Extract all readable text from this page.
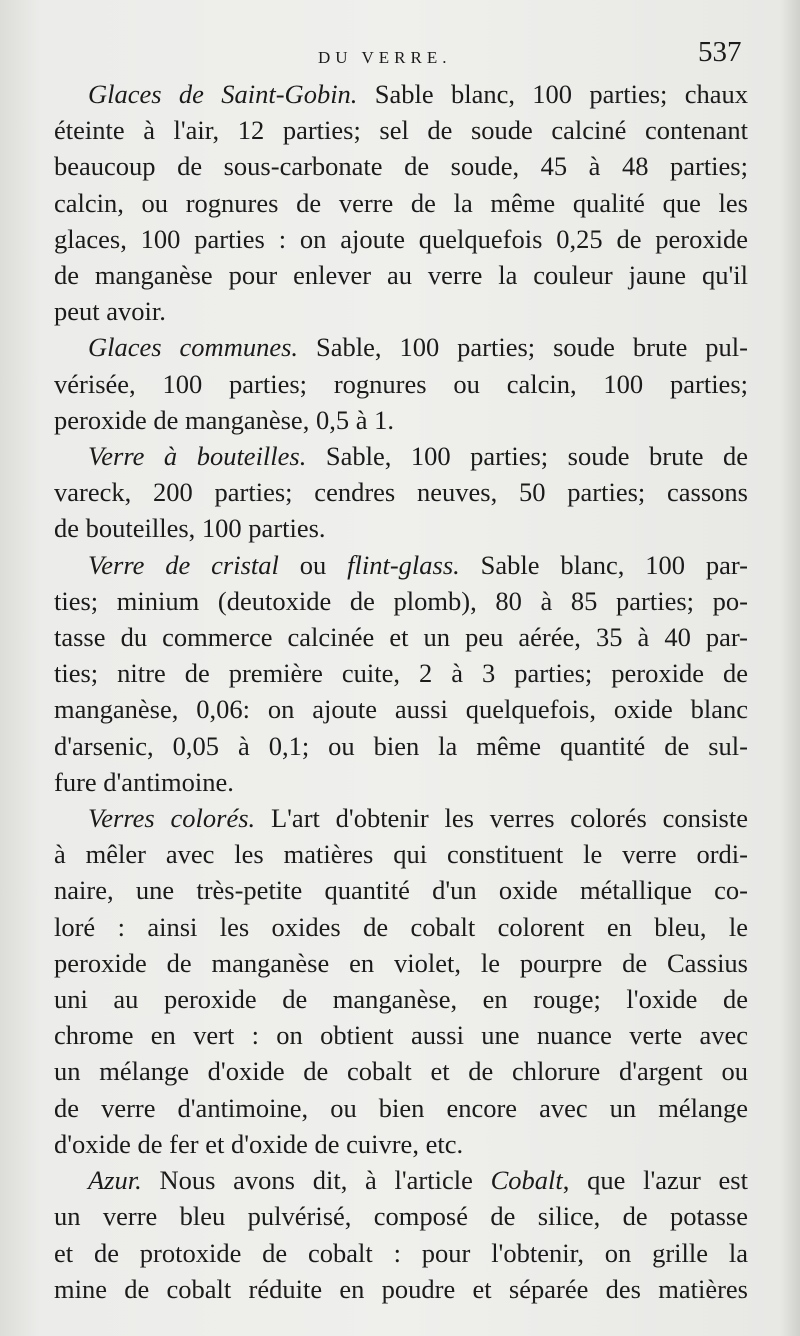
DU VERRE.	537
Glaces de Saint-Gobin. Sable blanc, 100 parties; chaux
éteinte à l'air, 12 parties; sel de soude calciné contenant
beaucoup de sous-carbonate de soude, 45 à 48 parties;
calcin, ou rognures de verre de la même qualité que les
glaces, 100 parties : on ajoute quelquefois 0,25 de peroxide
de manganèse pour enlever au verre la couleur jaune qu'il
peut avoir.
Glaces communes. Sable, 100 parties; soude brute pul-
vérisée, 100 parties; rognures ou calcin, 100 parties;
peroxide de manganèse, 0,5 à 1.
Verre à bouteilles. Sable, 100 parties; soude brute de
vareck, 200 parties; cendres neuves, 50 parties; cassons
de bouteilles, 100 parties.
Verre de cristal ou flint-glass. Sable blanc, 100 par-
ties; minium (deutoxide de plomb), 80 à 85 parties; po-
tasse du commerce calcinée et un peu aérée, 35 à 40 par-
ties; nitre de première cuite, 2 à 3 parties; peroxide de
manganèse, 0,06: on ajoute aussi quelquefois, oxide blanc
d'arsenic, 0,05 à 0,1; ou bien la même quantité de sul-
fure d'antimoine.
Verres colorés. L'art d'obtenir les verres colorés consiste
à mêler avec les matières qui constituent le verre ordi-
naire, une très-petite quantité d'un oxide métallique co-
loré : ainsi les oxides de cobalt colorent en bleu, le
peroxide de manganèse en violet, le pourpre de Cassius
uni au peroxide de manganèse, en rouge; l'oxide de
chrome en vert : on obtient aussi une nuance verte avec
un mélange d'oxide de cobalt et de chlorure d'argent ou
de verre d'antimoine, ou bien encore avec un mélange
d'oxide de fer et d'oxide de cuivre, etc.
Azur. Nous avons dit, à l'article Cobalt, que l'azur est
un verre bleu pulvérisé, composé de silice, de potasse
et de protoxide de cobalt : pour l'obtenir, on grille la
mine de cobalt réduite en poudre et séparée des matières
